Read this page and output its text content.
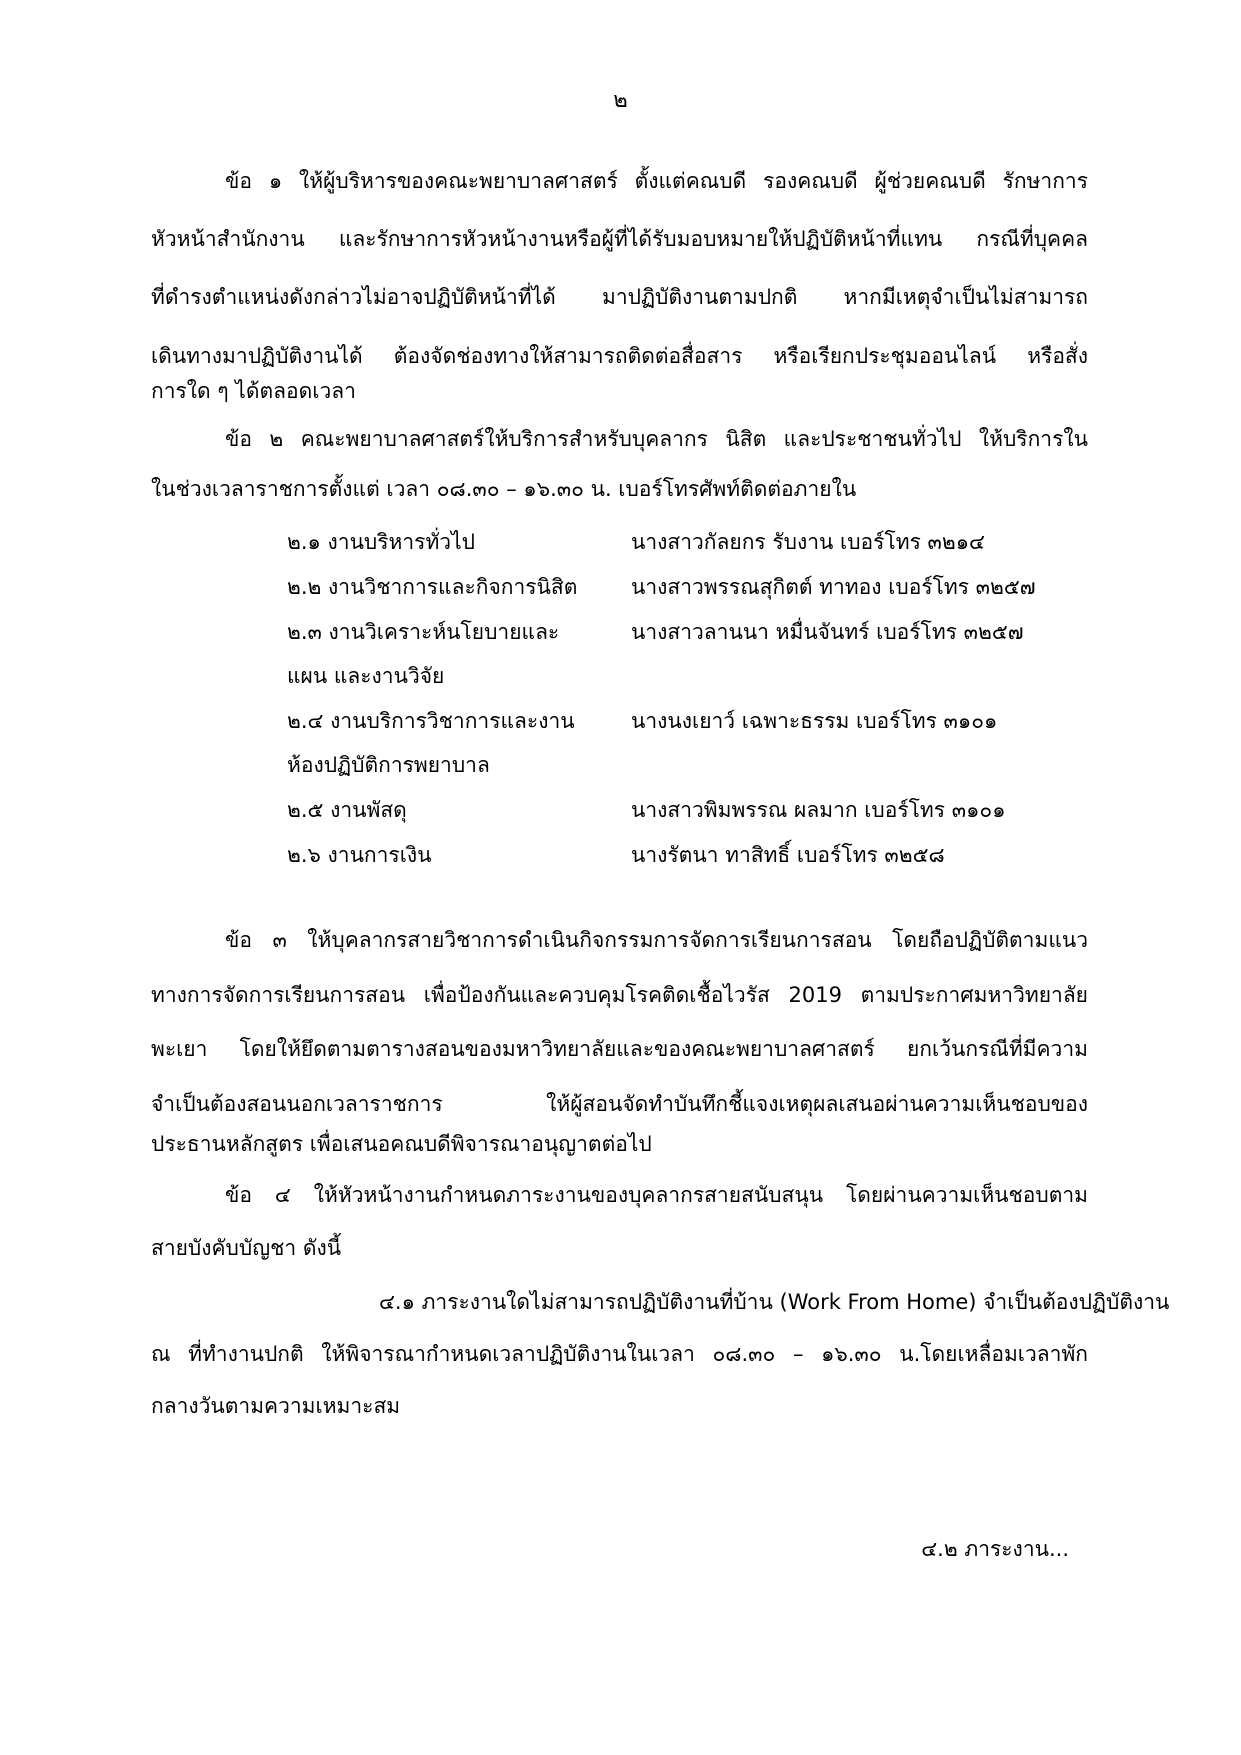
๒
ข้อ ๑ ให้ผู้บริหารของคณะพยาบาลศาสตร์ ตั้งแต่คณบดี รองคณบดี ผู้ช่วยคณบดี รักษาการ
หัวหน้าสำนักงาน และรักษาการหัวหน้างานหรือผู้ที่ได้รับมอบหมายให้ปฏิบัติหน้าที่แทน กรณีที่บุคคล
ที่ดำรงตำแหน่งดังกล่าวไม่อาจปฏิบัติหน้าที่ได้ มาปฏิบัติงานตามปกติ หากมีเหตุจำเป็นไม่สามารถ
เดินทางมาปฏิบัติงานได้ ต้องจัดช่องทางให้สามารถติดต่อสื่อสาร หรือเรียกประชุมออนไลน์ หรือสั่ง
การใด ๆ ได้ตลอดเวลา
ข้อ ๒ คณะพยาบาลศาสตร์ให้บริการสำหรับบุคลากร นิสิต และประชาชนทั่วไป ให้บริการใน
ในช่วงเวลาราชการตั้งแต่ เวลา ๐๘.๓๐ – ๑๖.๓๐ น. เบอร์โทรศัพท์ติดต่อภายใน
๒.๑ งานบริหารทั่วไป	นางสาวกัลยกร รับงาน เบอร์โทร ๓๒๑๔
๒.๒ งานวิชาการและกิจการนิสิต	นางสาวพรรณสุกิตต์ ทาทอง เบอร์โทร ๓๒๕๗
๒.๓ งานวิเคราะห์นโยบายและ	นางสาวลานนา หมื่นจันทร์ เบอร์โทร ๓๒๕๗
แผน และงานวิจัย
๒.๔ งานบริการวิชาการและงาน	นางนงเยาว์ เฉพาะธรรม เบอร์โทร ๓๑๐๑
ห้องปฏิบัติการพยาบาล
๒.๕ งานพัสดุ	นางสาวพิมพรรณ ผลมาก เบอร์โทร ๓๑๐๑
๒.๖ งานการเงิน	นางรัตนา ทาสิทธิ์ เบอร์โทร ๓๒๕๘
ข้อ ๓ ให้บุคลากรสายวิชาการดำเนินกิจกรรมการจัดการเรียนการสอน โดยถือปฏิบัติตามแนว
ทางการจัดการเรียนการสอน เพื่อป้องกันและควบคุมโรคติดเชื้อไวรัส 2019 ตามประกาศมหาวิทยาลัย
พะเยา โดยให้ยึดตามตารางสอนของมหาวิทยาลัยและของคณะพยาบาลศาสตร์ ยกเว้นกรณีที่มีความ
จำเป็นต้องสอนนอกเวลาราชการ ให้ผู้สอนจัดทำบันทึกชี้แจงเหตุผลเสนอผ่านความเห็นชอบของ
ประธานหลักสูตร เพื่อเสนอคณบดีพิจารณาอนุญาตต่อไป
ข้อ ๔ ให้หัวหน้างานกำหนดภาระงานของบุคลากรสายสนับสนุน โดยผ่านความเห็นชอบตาม
สายบังคับบัญชา ดังนี้
๔.๑ ภาระงานใดไม่สามารถปฏิบัติงานที่บ้าน (Work From Home) จำเป็นต้องปฏิบัติงาน
ณ ที่ทำงานปกติ ให้พิจารณากำหนดเวลาปฏิบัติงานในเวลา ๐๘.๓๐ – ๑๖.๓๐ น.โดยเหลื่อมเวลาพัก
กลางวันตามความเหมาะสม
๔.๒ ภาระงาน...
